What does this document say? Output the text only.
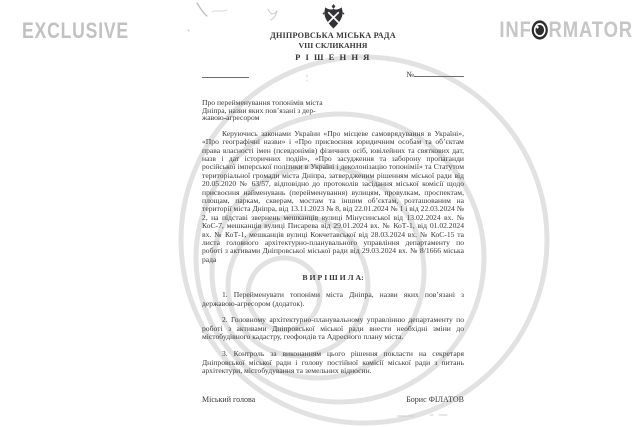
EXCLUSIVE	INF RMATOR
ДНІПРОВСЬКА МІСЬКА РАДА
VIII СКЛИКАННЯ
Р І Ш Е Н Н Я
№
Про перейменування топонімів міста
Дніпра, назви яких пов’язані з дер-
жавою-агресором

Керуючись законами України «Про місцеве самоврядування в Україні», «Про географічні назви» і «Про присвоєння юридичним особам та об’єктам права власності імен (псевдонімів) фізичних осіб, ювілейних та святкових дат, назв і дат історичних подій», «Про засудження та заборону пропаганди російської імперської політики в Україні і деколонізацію топонімії» та Статутом територіальної громади міста Дніпра, затвердженим рішенням міської ради від 20.05.2020 № 63/57, відповідно до протоколів засідання міської комісії щодо присвоєння найменувань (перейменування) вулицям, провулкам, проспектам, площам, паркам, скверам, мостам та іншим об’єктам, розташованим на території міста Дніпра, від 13.11.2023 № 8, від 22.01.2024 № 1 і від 22.03.2024 № 2, на підставі звернень мешканців вулиці Мінусинської від 13.02.2024 вх. № КоС-7, мешканців вулиці Писарева від 29.01.2024 вх. № КоТ-1, від 01.02.2024 вх. № КоТ-1, мешканців вулиці Кокчетавської від 28.03.2024 вх. № КоС-15 та листа головного архітектурно-планувального управління департаменту по роботі з активами Дніпровської міської ради від 29.03.2024 вх. № 8/1666 міська рада

В И Р І Ш И Л А:

1. Перейменувати топоніми міста Дніпра, назви яких пов’язані з державою-агресором (додаток).

2. Головному архітектурно-планувальному управлінню департаменту по роботі з активами Дніпровської міської ради внести необхідні зміни до містобудівного кадастру, геофондів та Адресного плану міста.

3. Контроль за виконанням цього рішення покласти на секретаря Дніпровської міської ради і голову постійної комісії міської ради з питань архітектури, містобудування та земельних відносин.

Міський голова	Борис ФІЛАТОВ
